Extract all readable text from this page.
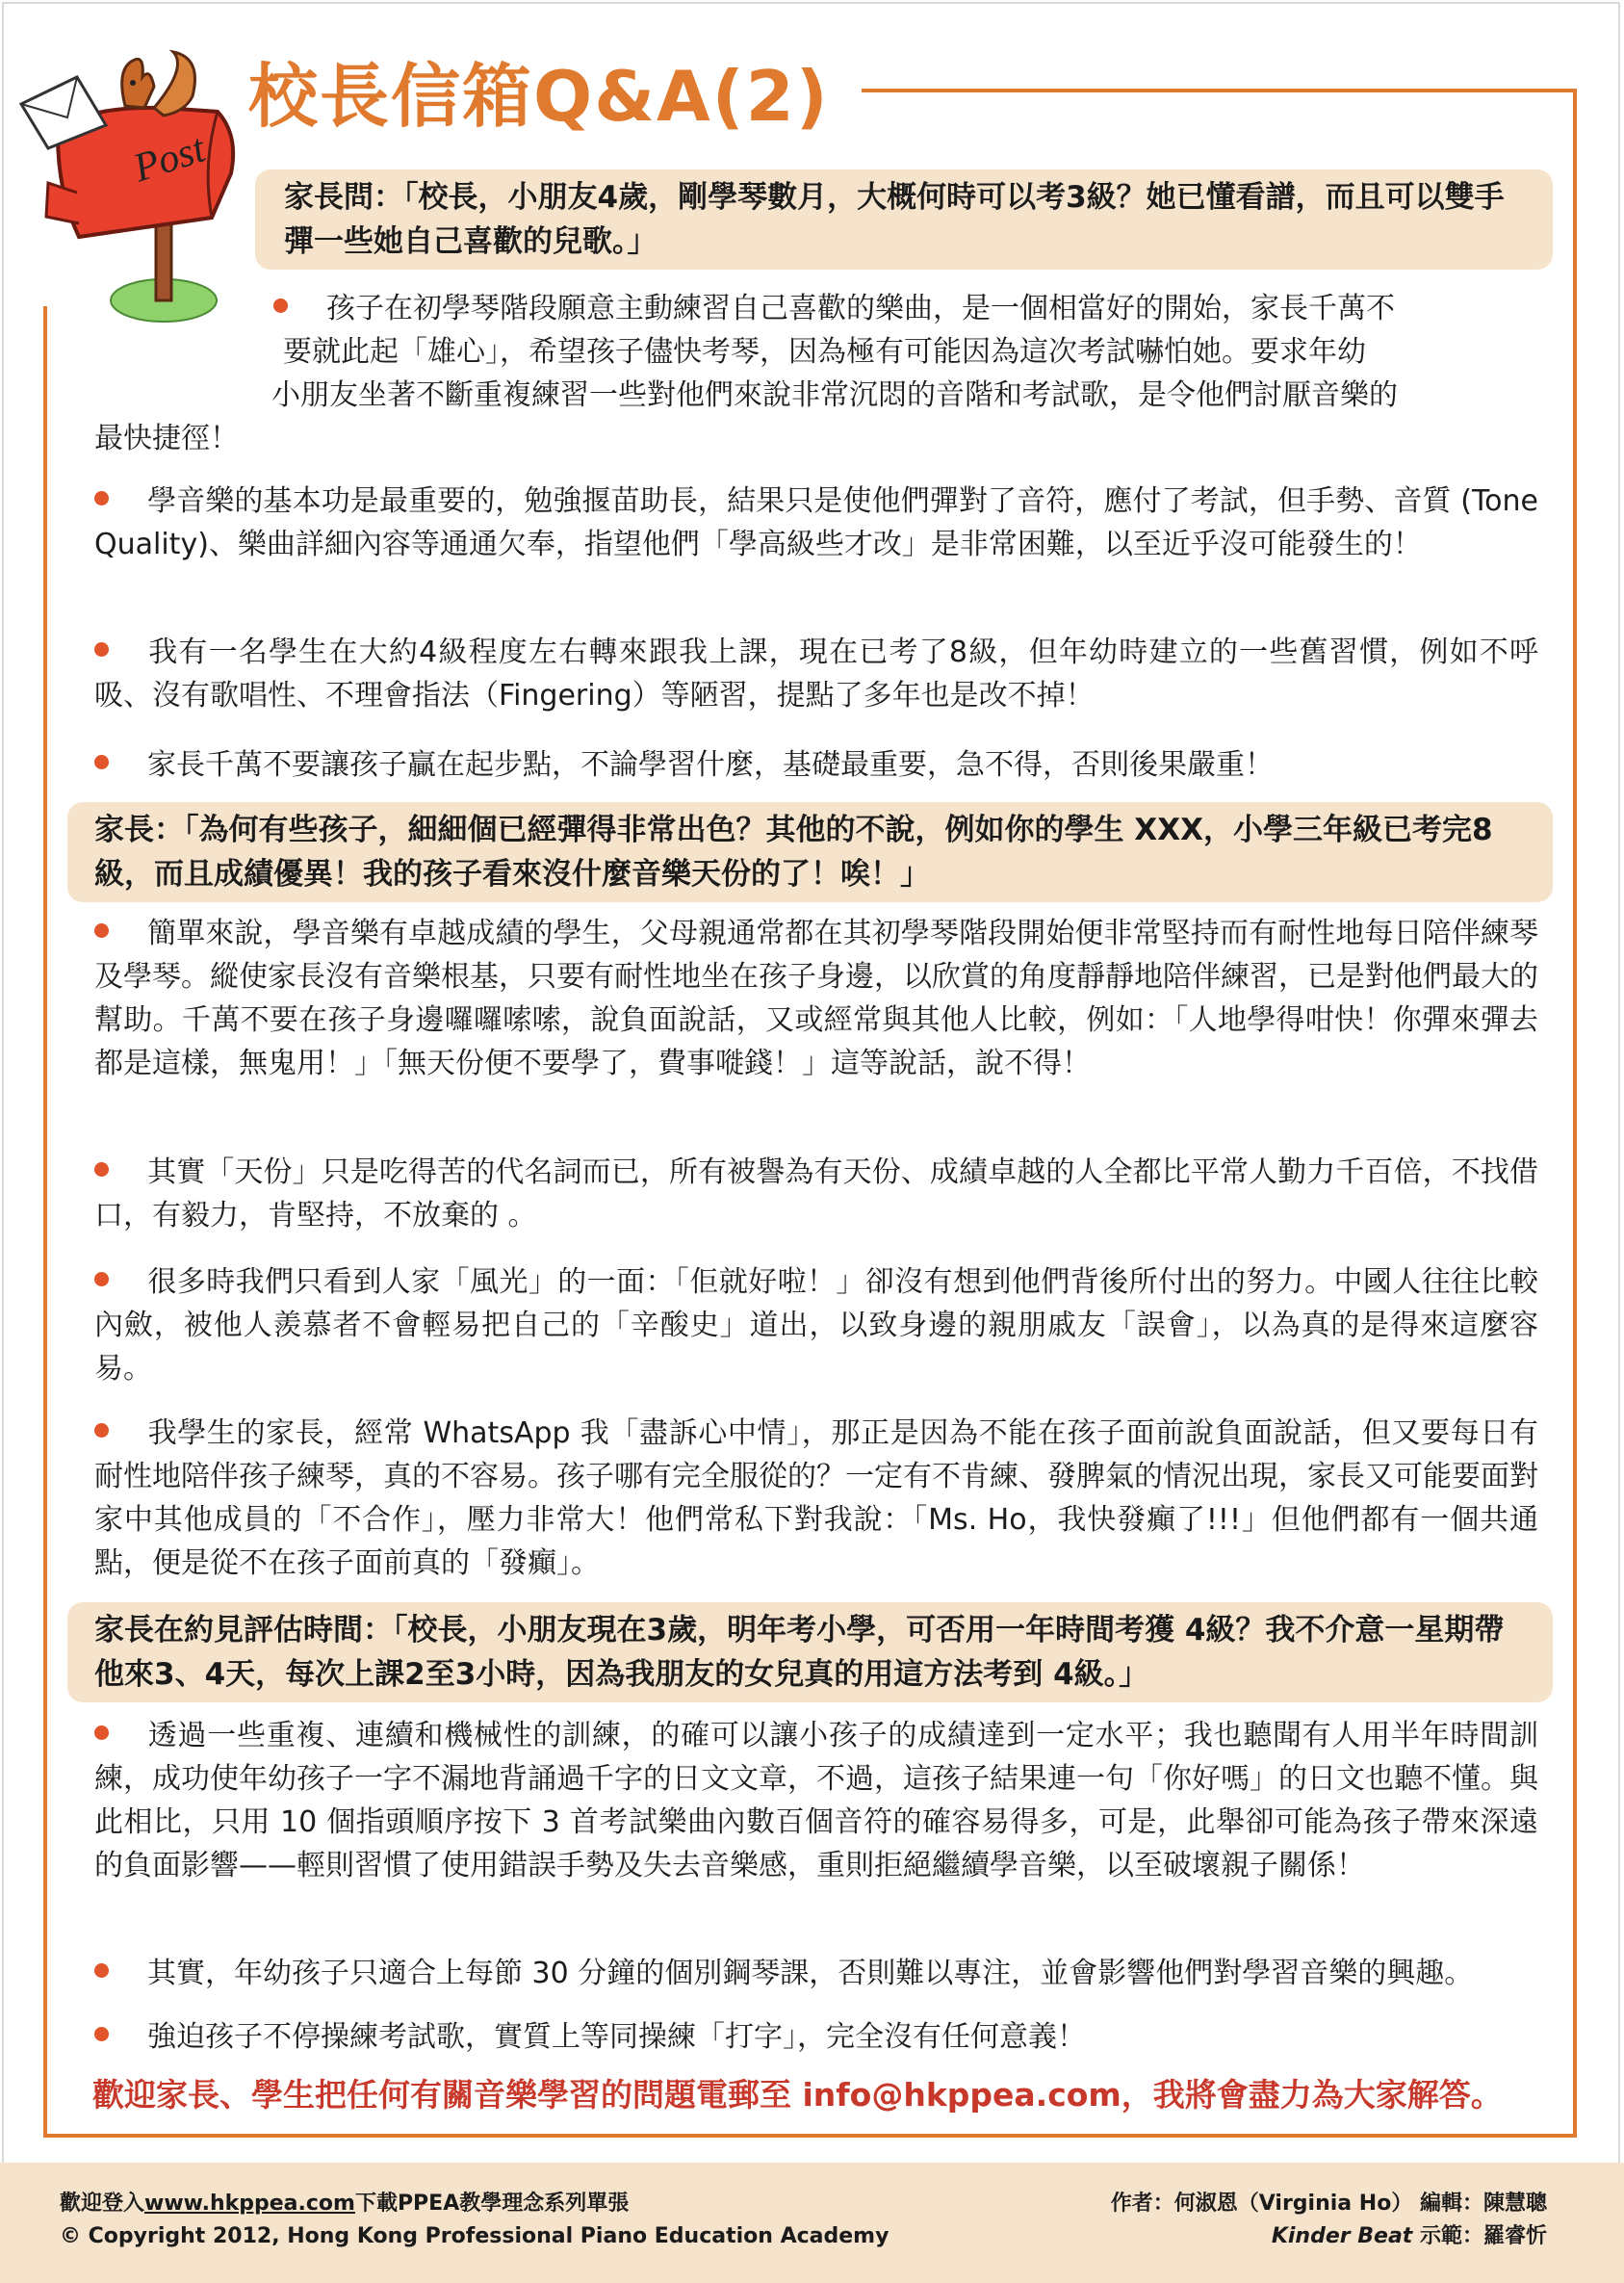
Post
校長信箱Q&A(2)
家長問：「校長，小朋友4歲，剛學琴數月，大概何時可以考3級？她已懂看譜，而且可以雙手彈一些她自己喜歡的兒歌。」
孩子在初學琴階段願意主動練習自己喜歡的樂曲，是一個相當好的開始，家長千萬不
要就此起「雄心」，希望孩子儘快考琴，因為極有可能因為這次考試嚇怕她。要求年幼
小朋友坐著不斷重複練習一些對他們來說非常沉悶的音階和考試歌，是令他們討厭音樂的
最快捷徑！
學音樂的基本功是最重要的，勉強揠苗助長，結果只是使他們彈對了音符，應付了考試，但手勢、音質 (Tone Quality)、樂曲詳細內容等通通欠奉，指望他們「學高級些才改」是非常困難，以至近乎沒可能發生的！
我有一名學生在大約4級程度左右轉來跟我上課，現在已考了8級，但年幼時建立的一些舊習慣，例如不呼吸、沒有歌唱性、不理會指法（Fingering）等陋習，提點了多年也是改不掉！
家長千萬不要讓孩子贏在起步點，不論學習什麼，基礎最重要，急不得，否則後果嚴重！
家長：「為何有些孩子，細細個已經彈得非常出色？其他的不說，例如你的學生 XXX，小學三年級已考完8級，而且成績優異！我的孩子看來沒什麼音樂天份的了！唉！」
簡單來說，學音樂有卓越成績的學生，父母親通常都在其初學琴階段開始便非常堅持而有耐性地每日陪伴練琴及學琴。縱使家長沒有音樂根基，只要有耐性地坐在孩子身邊，以欣賞的角度靜靜地陪伴練習，已是對他們最大的幫助。千萬不要在孩子身邊囉囉嗦嗦，說負面說話，又或經常與其他人比較，例如：「人地學得咁快！你彈來彈去都是這樣，無鬼用！」「無天份便不要學了，費事嘥錢！」這等說話，說不得！
其實「天份」只是吃得苦的代名詞而已，所有被譽為有天份、成績卓越的人全都比平常人勤力千百倍，不找借口，有毅力，肯堅持，不放棄的 。
很多時我們只看到人家「風光」的一面：「佢就好啦！」卻沒有想到他們背後所付出的努力。中國人往往比較內斂，被他人羨慕者不會輕易把自己的「辛酸史」道出，以致身邊的親朋戚友「誤會」，以為真的是得來這麼容易。
我學生的家長，經常 WhatsApp 我「盡訴心中情」，那正是因為不能在孩子面前說負面說話，但又要每日有耐性地陪伴孩子練琴，真的不容易。孩子哪有完全服從的？一定有不肯練、發脾氣的情況出現，家長又可能要面對家中其他成員的「不合作」，壓力非常大！他們常私下對我說：「Ms. Ho，我快發癲了!!!」但他們都有一個共通點，便是從不在孩子面前真的「發癲」。
家長在約見評估時間：「校長，小朋友現在3歲，明年考小學，可否用一年時間考獲 4級？我不介意一星期帶他來3、4天，每次上課2至3小時，因為我朋友的女兒真的用這方法考到 4級。」
透過一些重複、連續和機械性的訓練，的確可以讓小孩子的成績達到一定水平；我也聽聞有人用半年時間訓練，成功使年幼孩子一字不漏地背誦過千字的日文文章，不過，這孩子結果連一句「你好嗎」的日文也聽不懂。與此相比，只用 10 個指頭順序按下 3 首考試樂曲內數百個音符的確容易得多，可是，此舉卻可能為孩子帶來深遠的負面影響——輕則習慣了使用錯誤手勢及失去音樂感，重則拒絕繼續學音樂，以至破壞親子關係！
其實，年幼孩子只適合上每節 30 分鐘的個別鋼琴課，否則難以專注，並會影響他們對學習音樂的興趣。
強迫孩子不停操練考試歌，實質上等同操練「打字」，完全沒有任何意義！
歡迎家長、學生把任何有關音樂學習的問題電郵至 info@hkppea.com，我將會盡力為大家解答。
歡迎登入www.hkppea.com下載PPEA教學理念系列單張
© Copyright 2012, Hong Kong Professional Piano Education Academy
作者：何淑恩（Virginia Ho） 編輯：陳慧聰
Kinder Beat 示範：羅睿忻
